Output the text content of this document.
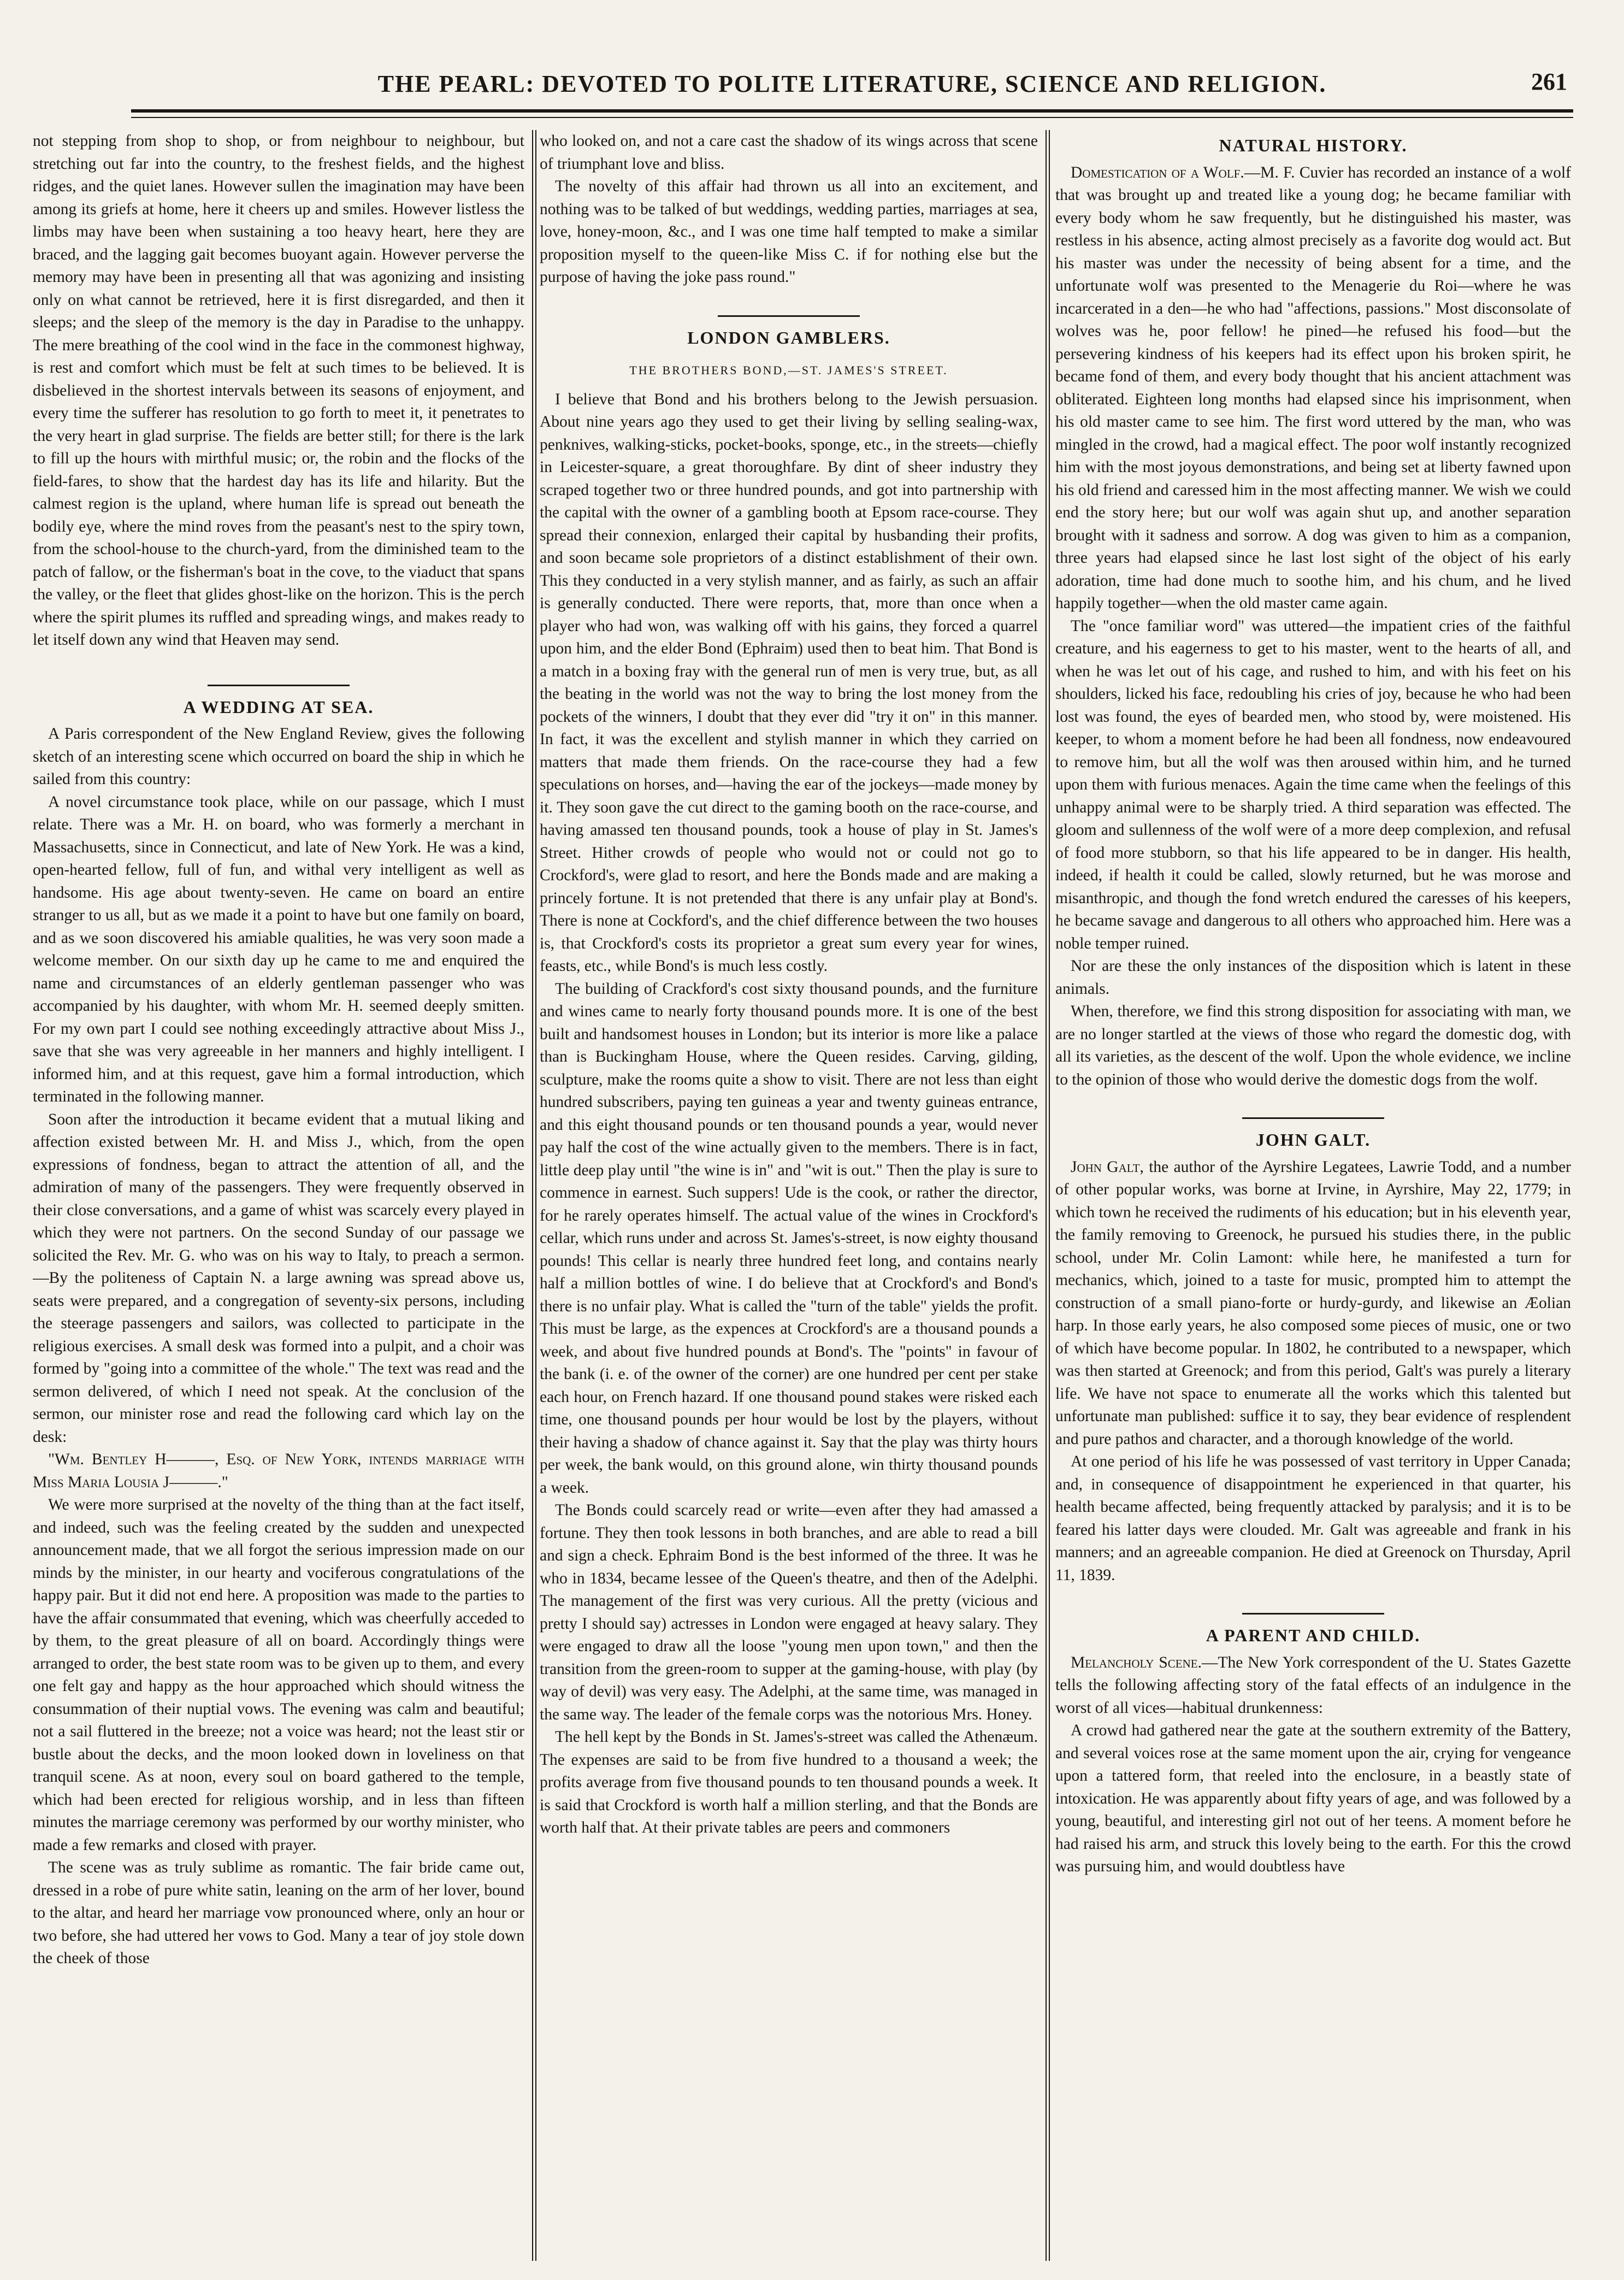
THE PEARL: DEVOTED TO POLITE LITERATURE, SCIENCE AND RELIGION.	261

not stepping from shop to shop, or from neighbour to neighbour, but stretching out far into the country, to the freshest fields, and the highest ridges, and the quiet lanes. However sullen the imagination may have been among its griefs at home, here it cheers up and smiles. However listless the limbs may have been when sustaining a too heavy heart, here they are braced, and the lagging gait becomes buoyant again. However perverse the memory may have been in presenting all that was agonizing and insisting only on what cannot be retrieved, here it is first disregarded, and then it sleeps; and the sleep of the memory is the day in Paradise to the unhappy. The mere breathing of the cool wind in the face in the commonest highway, is rest and comfort which must be felt at such times to be believed. It is disbelieved in the shortest intervals between its seasons of enjoyment, and every time the sufferer has resolution to go forth to meet it, it penetrates to the very heart in glad surprise. The fields are better still; for there is the lark to fill up the hours with mirthful music; or, the robin and the flocks of the field-fares, to show that the hardest day has its life and hilarity. But the calmest region is the upland, where human life is spread out beneath the bodily eye, where the mind roves from the peasant's nest to the spiry town, from the school-house to the church-yard, from the diminished team to the patch of fallow, or the fisherman's boat in the cove, to the viaduct that spans the valley, or the fleet that glides ghost-like on the horizon. This is the perch where the spirit plumes its ruffled and spreading wings, and makes ready to let itself down any wind that Heaven may send.

A WEDDING AT SEA.

A Paris correspondent of the New England Review, gives the following sketch of an interesting scene which occurred on board the ship in which he sailed from this country:

A novel circumstance took place, while on our passage, which I must relate. There was a Mr. H. on board, who was formerly a merchant in Massachusetts, since in Connecticut, and late of New York. He was a kind, open-hearted fellow, full of fun, and withal very intelligent as well as handsome. His age about twenty-seven. He came on board an entire stranger to us all, but as we made it a point to have but one family on board, and as we soon discovered his amiable qualities, he was very soon made a welcome member. On our sixth day up he came to me and enquired the name and circumstances of an elderly gentleman passenger who was accompanied by his daughter, with whom Mr. H. seemed deeply smitten. For my own part I could see nothing exceedingly attractive about Miss J., save that she was very agreeable in her manners and highly intelligent. I informed him, and at this request, gave him a formal introduction, which terminated in the following manner.

Soon after the introduction it became evident that a mutual liking and affection existed between Mr. H. and Miss J., which, from the open expressions of fondness, began to attract the attention of all, and the admiration of many of the passengers. They were frequently observed in their close conversations, and a game of whist was scarcely every played in which they were not partners. On the second Sunday of our passage we solicited the Rev. Mr. G. who was on his way to Italy, to preach a sermon.—By the politeness of Captain N. a large awning was spread above us, seats were prepared, and a congregation of seventy-six persons, including the steerage passengers and sailors, was collected to participate in the religious exercises. A small desk was formed into a pulpit, and a choir was formed by "going into a committee of the whole." The text was read and the sermon delivered, of which I need not speak. At the conclusion of the sermon, our minister rose and read the following card which lay on the desk:

"Wm. Bentley H———, Esq. of New York, intends marriage with Miss Maria Lousia J———."

We were more surprised at the novelty of the thing than at the fact itself, and indeed, such was the feeling created by the sudden and unexpected announcement made, that we all forgot the serious impression made on our minds by the minister, in our hearty and vociferous congratulations of the happy pair. But it did not end here. A proposition was made to the parties to have the affair consummated that evening, which was cheerfully acceded to by them, to the great pleasure of all on board. Accordingly things were arranged to order, the best state room was to be given up to them, and every one felt gay and happy as the hour approached which should witness the consummation of their nuptial vows. The evening was calm and beautiful; not a sail fluttered in the breeze; not a voice was heard; not the least stir or bustle about the decks, and the moon looked down in loveliness on that tranquil scene. As at noon, every soul on board gathered to the temple, which had been erected for religious worship, and in less than fifteen minutes the marriage ceremony was performed by our worthy minister, who made a few remarks and closed with prayer.

The scene was as truly sublime as romantic. The fair bride came out, dressed in a robe of pure white satin, leaning on the arm of her lover, bound to the altar, and heard her marriage vow pronounced where, only an hour or two before, she had uttered her vows to God. Many a tear of joy stole down the cheek of those

who looked on, and not a care cast the shadow of its wings across that scene of triumphant love and bliss.

The novelty of this affair had thrown us all into an excitement, and nothing was to be talked of but weddings, wedding parties, marriages at sea, love, honey-moon, &c., and I was one time half tempted to make a similar proposition myself to the queen-like Miss C. if for nothing else but the purpose of having the joke pass round."

LONDON GAMBLERS.
THE BROTHERS BOND,—ST. JAMES'S STREET.

I believe that Bond and his brothers belong to the Jewish persuasion. About nine years ago they used to get their living by selling sealing-wax, penknives, walking-sticks, pocket-books, sponge, etc., in the streets—chiefly in Leicester-square, a great thoroughfare. By dint of sheer industry they scraped together two or three hundred pounds, and got into partnership with the capital with the owner of a gambling booth at Epsom race-course. They spread their connexion, enlarged their capital by husbanding their profits, and soon became sole proprietors of a distinct establishment of their own. This they conducted in a very stylish manner, and as fairly, as such an affair is generally conducted. There were reports, that, more than once when a player who had won, was walking off with his gains, they forced a quarrel upon him, and the elder Bond (Ephraim) used then to beat him. That Bond is a match in a boxing fray with the general run of men is very true, but, as all the beating in the world was not the way to bring the lost money from the pockets of the winners, I doubt that they ever did "try it on" in this manner. In fact, it was the excellent and stylish manner in which they carried on matters that made them friends. On the race-course they had a few speculations on horses, and—having the ear of the jockeys—made money by it. They soon gave the cut direct to the gaming booth on the race-course, and having amassed ten thousand pounds, took a house of play in St. James's Street. Hither crowds of people who would not or could not go to Crockford's, were glad to resort, and here the Bonds made and are making a princely fortune. It is not pretended that there is any unfair play at Bond's. There is none at Cockford's, and the chief difference between the two houses is, that Crockford's costs its proprietor a great sum every year for wines, feasts, etc., while Bond's is much less costly.

The building of Crackford's cost sixty thousand pounds, and the furniture and wines came to nearly forty thousand pounds more. It is one of the best built and handsomest houses in London; but its interior is more like a palace than is Buckingham House, where the Queen resides. Carving, gilding, sculpture, make the rooms quite a show to visit. There are not less than eight hundred subscribers, paying ten guineas a year and twenty guineas entrance, and this eight thousand pounds or ten thousand pounds a year, would never pay half the cost of the wine actually given to the members. There is in fact, little deep play until "the wine is in" and "wit is out." Then the play is sure to commence in earnest. Such suppers! Ude is the cook, or rather the director, for he rarely operates himself. The actual value of the wines in Crockford's cellar, which runs under and across St. James's-street, is now eighty thousand pounds! This cellar is nearly three hundred feet long, and contains nearly half a million bottles of wine. I do believe that at Crockford's and Bond's there is no unfair play. What is called the "turn of the table" yields the profit. This must be large, as the expences at Crockford's are a thousand pounds a week, and about five hundred pounds at Bond's. The "points" in favour of the bank (i. e. of the owner of the corner) are one hundred per cent per stake each hour, on French hazard. If one thousand pound stakes were risked each time, one thousand pounds per hour would be lost by the players, without their having a shadow of chance against it. Say that the play was thirty hours per week, the bank would, on this ground alone, win thirty thousand pounds a week.

The Bonds could scarcely read or write—even after they had amassed a fortune. They then took lessons in both branches, and are able to read a bill and sign a check. Ephraim Bond is the best informed of the three. It was he who in 1834, became lessee of the Queen's theatre, and then of the Adelphi. The management of the first was very curious. All the pretty (vicious and pretty I should say) actresses in London were engaged at heavy salary. They were engaged to draw all the loose "young men upon town," and then the transition from the green-room to supper at the gaming-house, with play (by way of devil) was very easy. The Adelphi, at the same time, was managed in the same way. The leader of the female corps was the notorious Mrs. Honey.

The hell kept by the Bonds in St. James's-street was called the Athenæum. The expenses are said to be from five hundred to a thousand a week; the profits average from five thousand pounds to ten thousand pounds a week. It is said that Crockford is worth half a million sterling, and that the Bonds are worth half that. At their private tables are peers and commoners

NATURAL HISTORY.

Domestication of a Wolf.—M. F. Cuvier has recorded an instance of a wolf that was brought up and treated like a young dog; he became familiar with every body whom he saw frequently, but he distinguished his master, was restless in his absence, acting almost precisely as a favorite dog would act. But his master was under the necessity of being absent for a time, and the unfortunate wolf was presented to the Menagerie du Roi—where he was incarcerated in a den—he who had "affections, passions." Most disconsolate of wolves was he, poor fellow! he pined—he refused his food—but the persevering kindness of his keepers had its effect upon his broken spirit, he became fond of them, and every body thought that his ancient attachment was obliterated. Eighteen long months had elapsed since his imprisonment, when his old master came to see him. The first word uttered by the man, who was mingled in the crowd, had a magical effect. The poor wolf instantly recognized him with the most joyous demonstrations, and being set at liberty fawned upon his old friend and caressed him in the most affecting manner. We wish we could end the story here; but our wolf was again shut up, and another separation brought with it sadness and sorrow. A dog was given to him as a companion, three years had elapsed since he last lost sight of the object of his early adoration, time had done much to soothe him, and his chum, and he lived happily together—when the old master came again.

The "once familiar word" was uttered—the impatient cries of the faithful creature, and his eagerness to get to his master, went to the hearts of all, and when he was let out of his cage, and rushed to him, and with his feet on his shoulders, licked his face, redoubling his cries of joy, because he who had been lost was found, the eyes of bearded men, who stood by, were moistened. His keeper, to whom a moment before he had been all fondness, now endeavoured to remove him, but all the wolf was then aroused within him, and he turned upon them with furious menaces. Again the time came when the feelings of this unhappy animal were to be sharply tried. A third separation was effected. The gloom and sullenness of the wolf were of a more deep complexion, and refusal of food more stubborn, so that his life appeared to be in danger. His health, indeed, if health it could be called, slowly returned, but he was morose and misanthropic, and though the fond wretch endured the caresses of his keepers, he became savage and dangerous to all others who approached him. Here was a noble temper ruined.

Nor are these the only instances of the disposition which is latent in these animals.

When, therefore, we find this strong disposition for associating with man, we are no longer startled at the views of those who regard the domestic dog, with all its varieties, as the descent of the wolf. Upon the whole evidence, we incline to the opinion of those who would derive the domestic dogs from the wolf.

JOHN GALT.

John Galt, the author of the Ayrshire Legatees, Lawrie Todd, and a number of other popular works, was borne at Irvine, in Ayrshire, May 22, 1779; in which town he received the rudiments of his education; but in his eleventh year, the family removing to Greenock, he pursued his studies there, in the public school, under Mr. Colin Lamont: while here, he manifested a turn for mechanics, which, joined to a taste for music, prompted him to attempt the construction of a small piano-forte or hurdy-gurdy, and likewise an Æolian harp. In those early years, he also composed some pieces of music, one or two of which have become popular. In 1802, he contributed to a newspaper, which was then started at Greenock; and from this period, Galt's was purely a literary life. We have not space to enumerate all the works which this talented but unfortunate man published: suffice it to say, they bear evidence of resplendent and pure pathos and character, and a thorough knowledge of the world.

At one period of his life he was possessed of vast territory in Upper Canada; and, in consequence of disappointment he experienced in that quarter, his health became affected, being frequently attacked by paralysis; and it is to be feared his latter days were clouded. Mr. Galt was agreeable and frank in his manners; and an agreeable companion. He died at Greenock on Thursday, April 11, 1839.

A PARENT AND CHILD.

Melancholy Scene.—The New York correspondent of the U. States Gazette tells the following affecting story of the fatal effects of an indulgence in the worst of all vices—habitual drunkenness:

A crowd had gathered near the gate at the southern extremity of the Battery, and several voices rose at the same moment upon the air, crying for vengeance upon a tattered form, that reeled into the enclosure, in a beastly state of intoxication. He was apparently about fifty years of age, and was followed by a young, beautiful, and interesting girl not out of her teens. A moment before he had raised his arm, and struck this lovely being to the earth. For this the crowd was pursuing him, and would doubtless have
